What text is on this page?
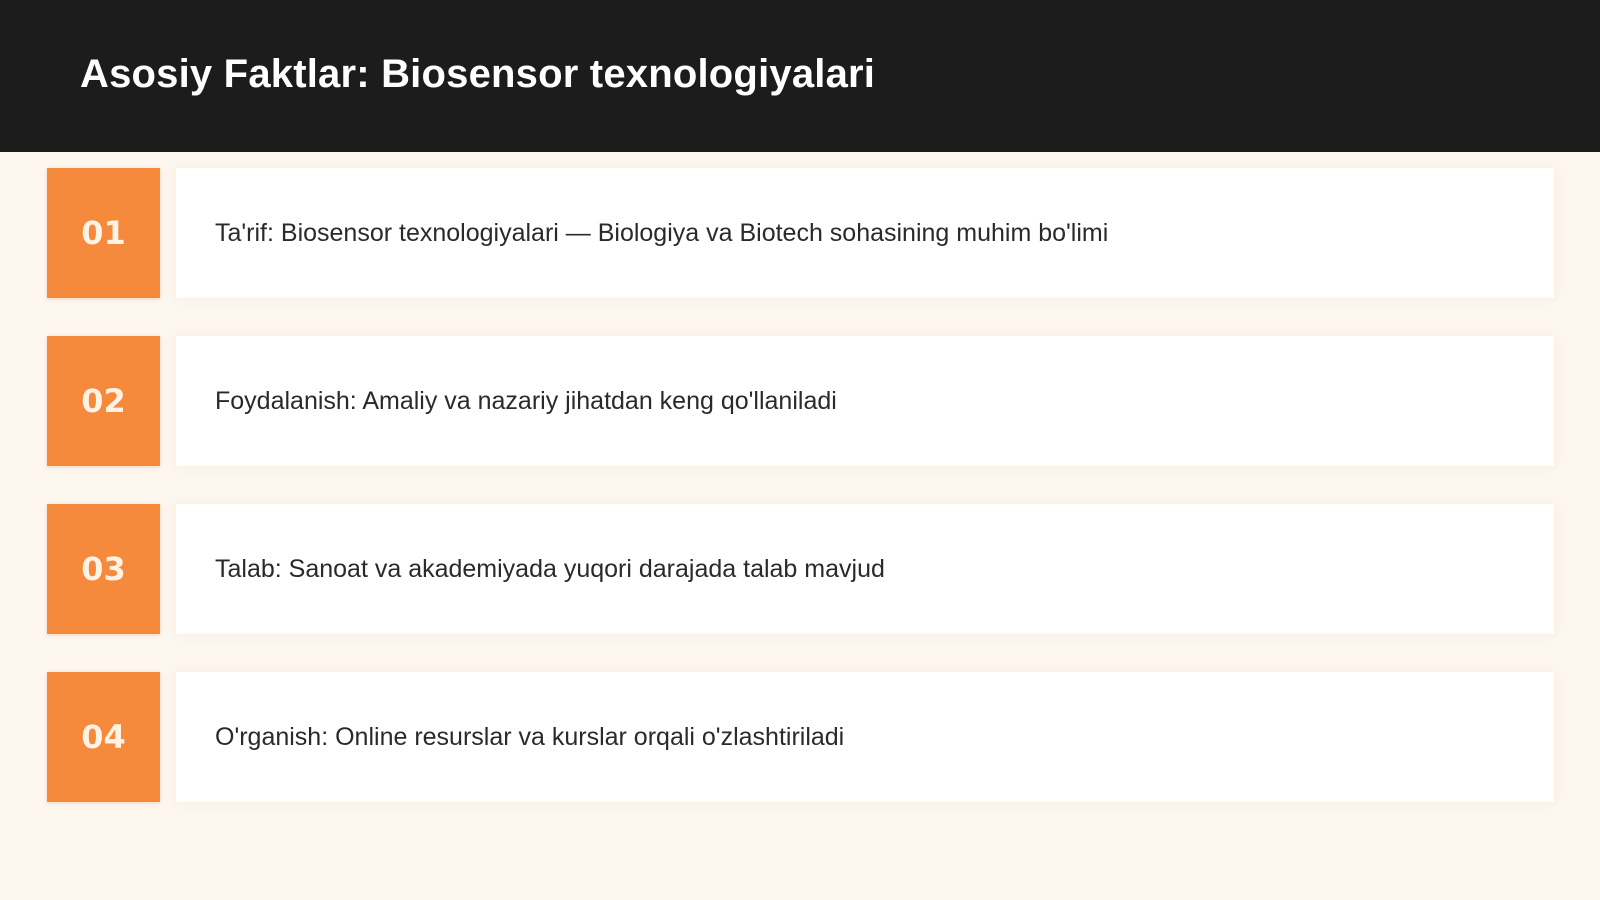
Asosiy Faktlar: Biosensor texnologiyalari
01	Ta'rif: Biosensor texnologiyalari — Biologiya va Biotech sohasining muhim bo'limi
02	Foydalanish: Amaliy va nazariy jihatdan keng qo'llaniladi
03	Talab: Sanoat va akademiyada yuqori darajada talab mavjud
04	O'rganish: Online resurslar va kurslar orqali o'zlashtiriladi
